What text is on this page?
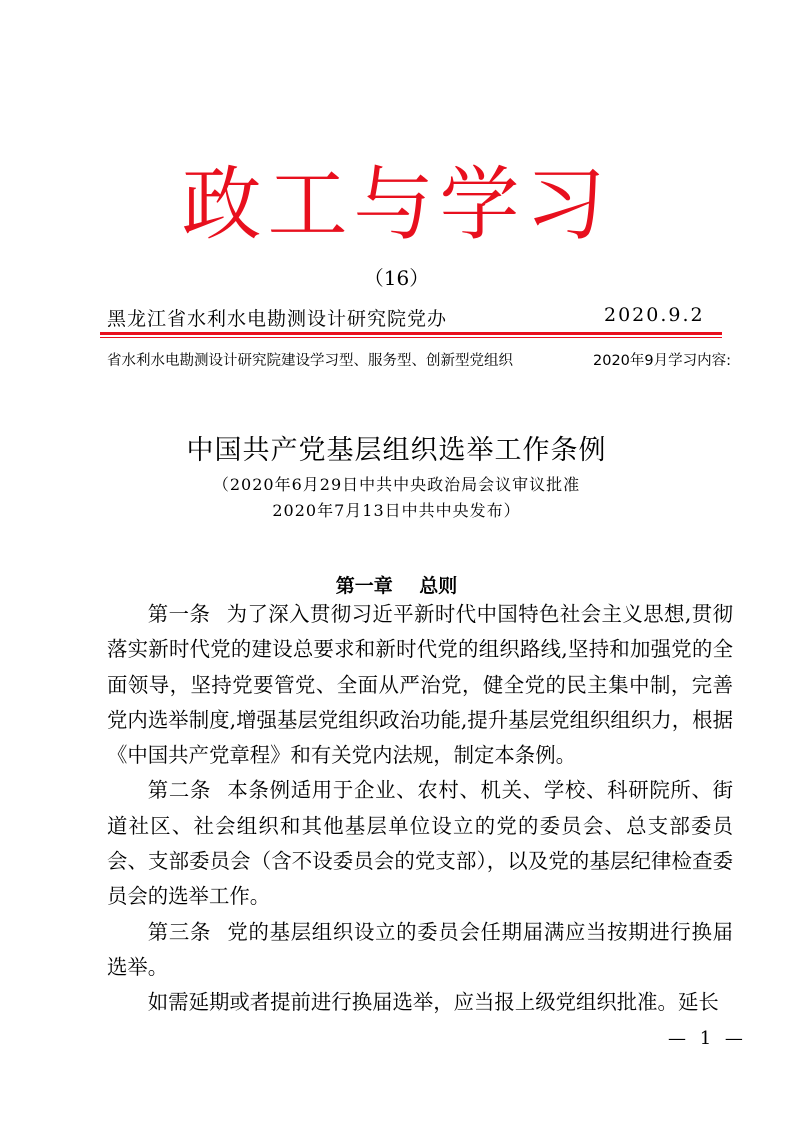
政工与学习
（16）
黑龙江省水利水电勘测设计研究院党办	2020.9.2
省水利水电勘测设计研究院建设学习型、服务型、创新型党组织	2020年9月学习内容:
中国共产党基层组织选举工作条例
（2020年6月29日中共中央政治局会议审议批准
2020年7月13日中共中央发布）
第一章 总则

第一条 为了深入贯彻习近平新时代中国特色社会主义思想,贯彻落实新时代党的建设总要求和新时代党的组织路线,坚持和加强党的全面领导，坚持党要管党、全面从严治党，健全党的民主集中制，完善党内选举制度,增强基层党组织政治功能,提升基层党组织组织力，根据《中国共产党章程》和有关党内法规，制定本条例。

第二条 本条例适用于企业、农村、机关、学校、科研院所、街道社区、社会组织和其他基层单位设立的党的委员会、总支部委员会、支部委员会（含不设委员会的党支部），以及党的基层纪律检查委员会的选举工作。

第三条 党的基层组织设立的委员会任期届满应当按期进行换届选举。

如需延期或者提前进行换届选举，应当报上级党组织批准。延长

— 1 —
